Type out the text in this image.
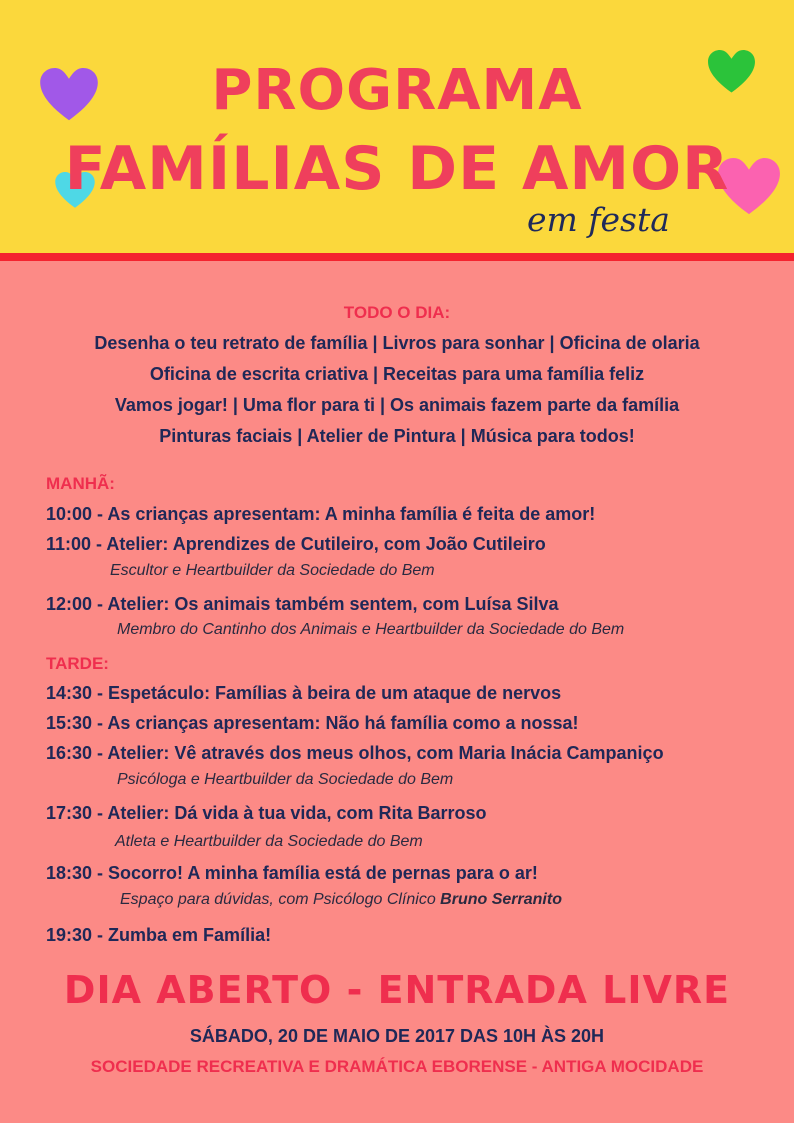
PROGRAMA
FAMÍLIAS DE AMOR
em festa
TODO O DIA:
Desenha o teu retrato de família | Livros para sonhar | Oficina de olaria
Oficina de escrita criativa | Receitas para uma família feliz
Vamos jogar! | Uma flor para ti | Os animais fazem parte da família
Pinturas faciais | Atelier de Pintura | Música para todos!
MANHÃ:
10:00 - As crianças apresentam: A minha família é feita de amor!
11:00 - Atelier: Aprendizes de Cutileiro, com João Cutileiro
Escultor e Heartbuilder da Sociedade do Bem
12:00 - Atelier: Os animais também sentem, com Luísa Silva
Membro do Cantinho dos Animais e Heartbuilder da Sociedade do Bem
TARDE:
14:30 - Espetáculo: Famílias à beira de um ataque de nervos
15:30 - As crianças apresentam: Não há família como a nossa!
16:30 - Atelier: Vê através dos meus olhos, com Maria Inácia Campaniço
Psicóloga e Heartbuilder da Sociedade do Bem
17:30 - Atelier: Dá vida à tua vida, com Rita Barroso
Atleta e Heartbuilder da Sociedade do Bem
18:30 - Socorro! A minha família está de pernas para o ar!
Espaço para dúvidas, com Psicólogo Clínico Bruno Serranito
19:30 - Zumba em Família!
DIA ABERTO - ENTRADA LIVRE
SÁBADO, 20 DE MAIO DE 2017 DAS 10H ÀS 20H
SOCIEDADE RECREATIVA E DRAMÁTICA EBORENSE - ANTIGA MOCIDADE
